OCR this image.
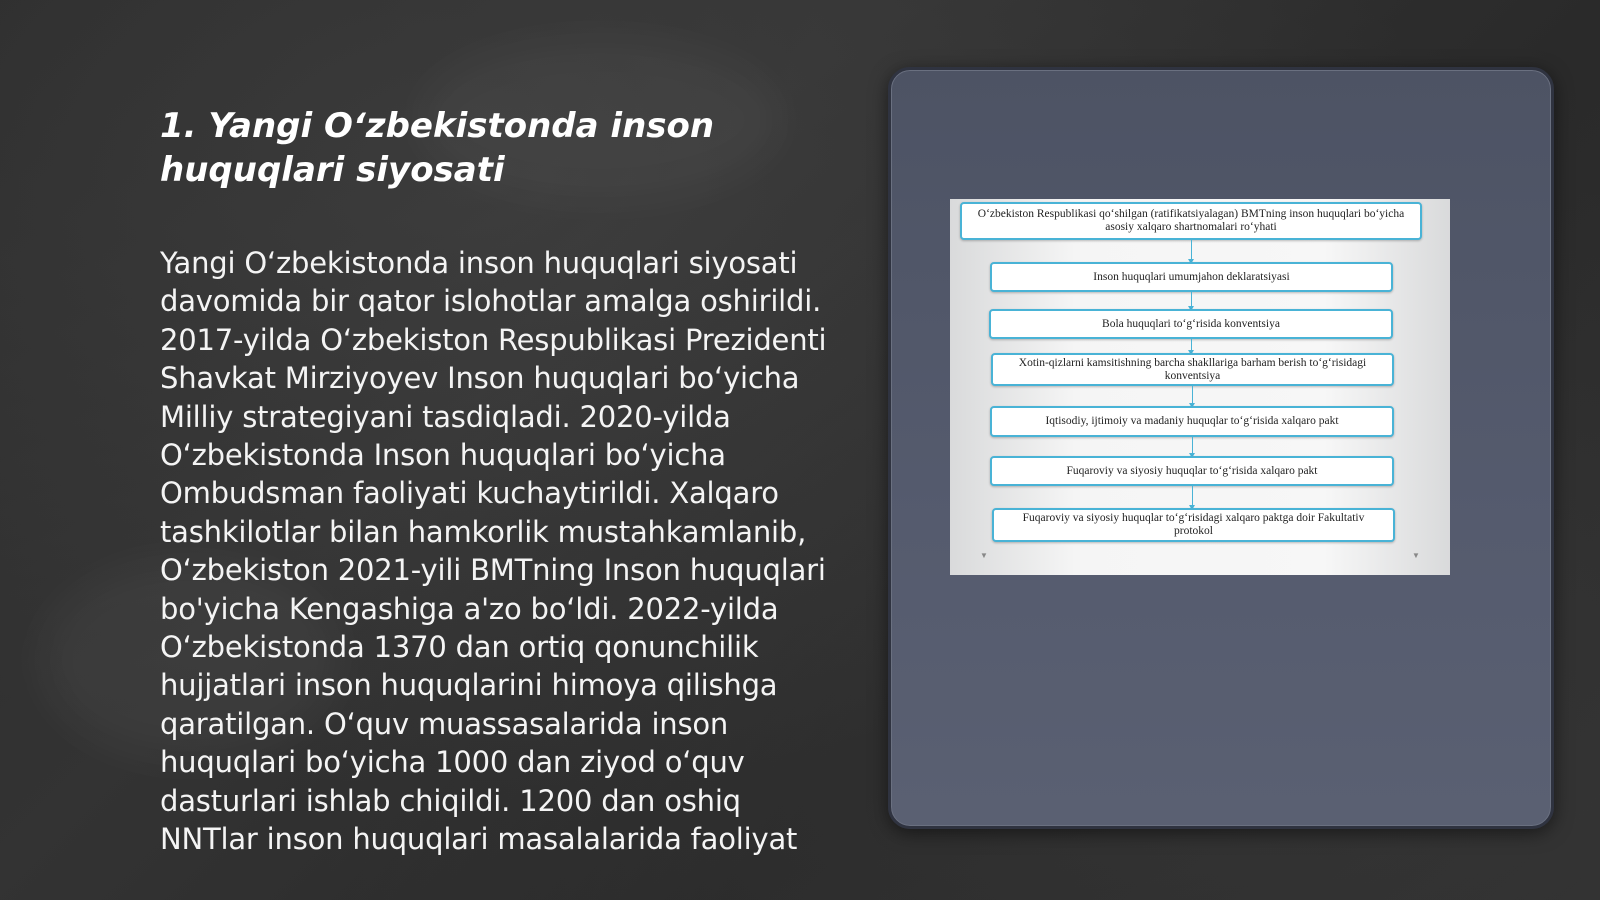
1. Yangi O‘zbekistonda inson huquqlari siyosati

Yangi O‘zbekistonda inson huquqlari siyosati davomida bir qator islohotlar amalga oshirildi. 2017-yilda O‘zbekiston Respublikasi Prezidenti Shavkat Mirziyoyev Inson huquqlari bo‘yicha Milliy strategiyani tasdiqladi. 2020-yilda O‘zbekistonda Inson huquqlari bo‘yicha Ombudsman faoliyati kuchaytirildi. Xalqaro tashkilotlar bilan hamkorlik mustahkamlanib, O‘zbekiston 2021-yili BMTning Inson huquqlari bo'yicha Kengashiga a'zo bo‘ldi. 2022-yilda O‘zbekistonda 1370 dan ortiq qonunchilik hujjatlari inson huquqlarini himoya qilishga qaratilgan. O‘quv muassasalarida inson huquqlari bo‘yicha 1000 dan ziyod o‘quv dasturlari ishlab chiqildi. 1200 dan oshiq NNTlar inson huquqlari masalalarida faoliyat

O‘zbekiston Respublikasi qo‘shilgan (ratifikatsiyalagan) BMTning inson huquqlari bo‘yicha asosiy xalqaro shartnomalari ro‘yhati
Inson huquqlari umumjahon deklaratsiyasi
Bola huquqlari to‘g‘risida konventsiya
Xotin-qizlarni kamsitishning barcha shakllariga barham berish to‘g‘risidagi konventsiya
Iqtisodiy, ijtimoiy va madaniy huquqlar to‘g‘risida xalqaro pakt
Fuqaroviy va siyosiy huquqlar to‘g‘risida xalqaro pakt
Fuqaroviy va siyosiy huquqlar to‘g‘risidagi xalqaro paktga doir Fakultativ protokol
▼	▼
